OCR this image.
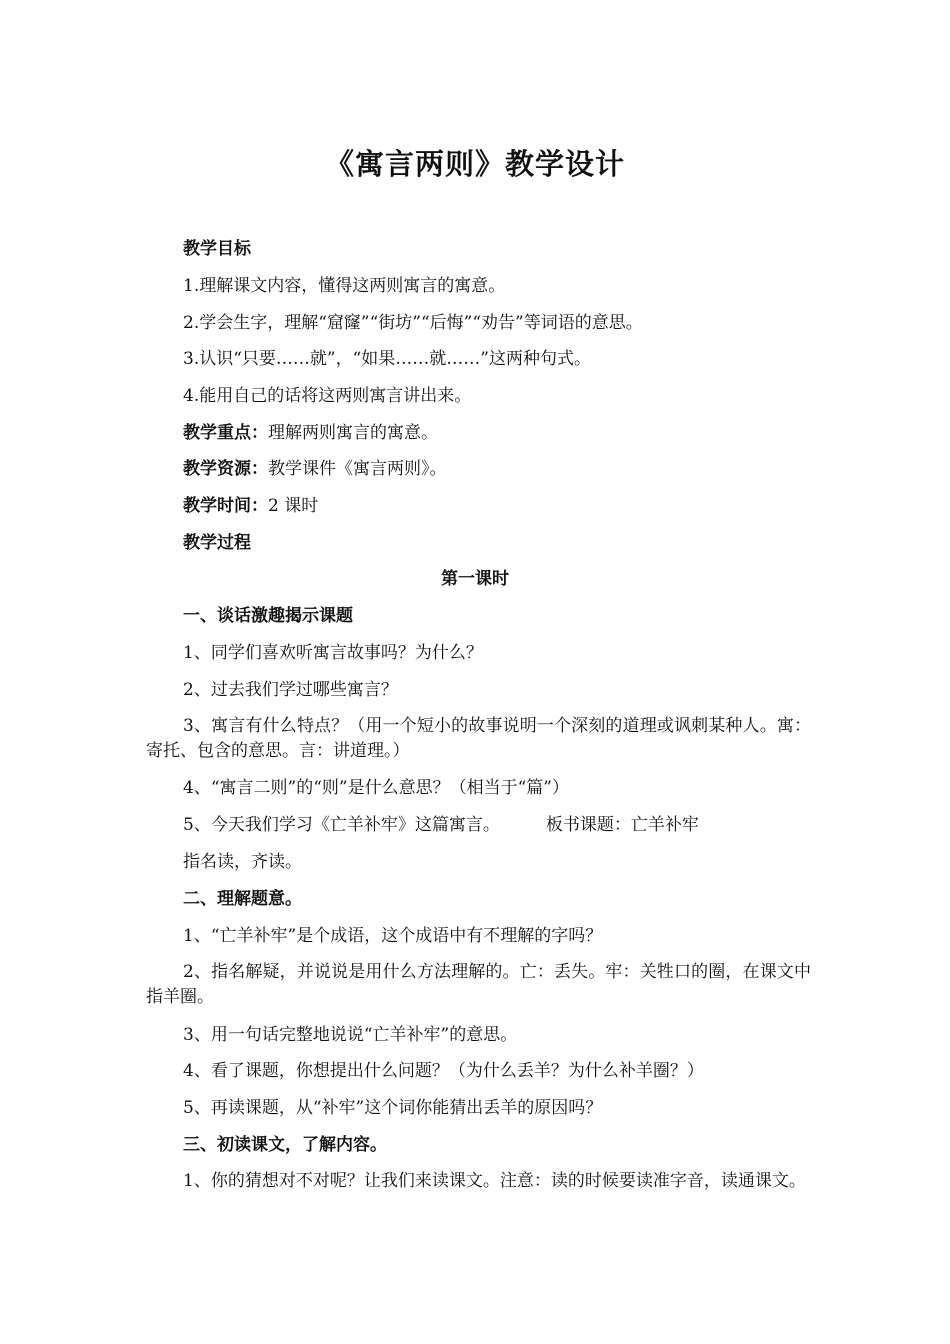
《寓言两则》教学设计
教学目标
1.理解课文内容，懂得这两则寓言的寓意。
2.学会生字，理解“窟窿”“街坊”“后悔”“劝告”等词语的意思。
3.认识“只要……就”，“如果……就……”这两种句式。
4.能用自己的话将这两则寓言讲出来。
教学重点：理解两则寓言的寓意。
教学资源：教学课件《寓言两则》。
教学时间：2 课时
教学过程
第一课时
一、谈话激趣揭示课题
1、同学们喜欢听寓言故事吗？为什么？
2、过去我们学过哪些寓言？
3、寓言有什么特点？（用一个短小的故事说明一个深刻的道理或讽刺某种人。寓：寄托、包含的意思。言：讲道理。）
4、“寓言二则”的“则”是什么意思？（相当于“篇”）
5、今天我们学习《亡羊补牢》这篇寓言。	板书课题：亡羊补牢
指名读，齐读。
二、理解题意。
1、“亡羊补牢”是个成语，这个成语中有不理解的字吗？
2、指名解疑，并说说是用什么方法理解的。亡：丢失。牢：关牲口的圈，在课文中指羊圈。
3、用一句话完整地说说“亡羊补牢”的意思。
4、看了课题，你想提出什么问题？（为什么丢羊？为什么补羊圈？）
5、再读课题，从“补牢”这个词你能猜出丢羊的原因吗？
三、初读课文，了解内容。
1、你的猜想对不对呢？让我们来读课文。注意：读的时候要读准字音，读通课文。
